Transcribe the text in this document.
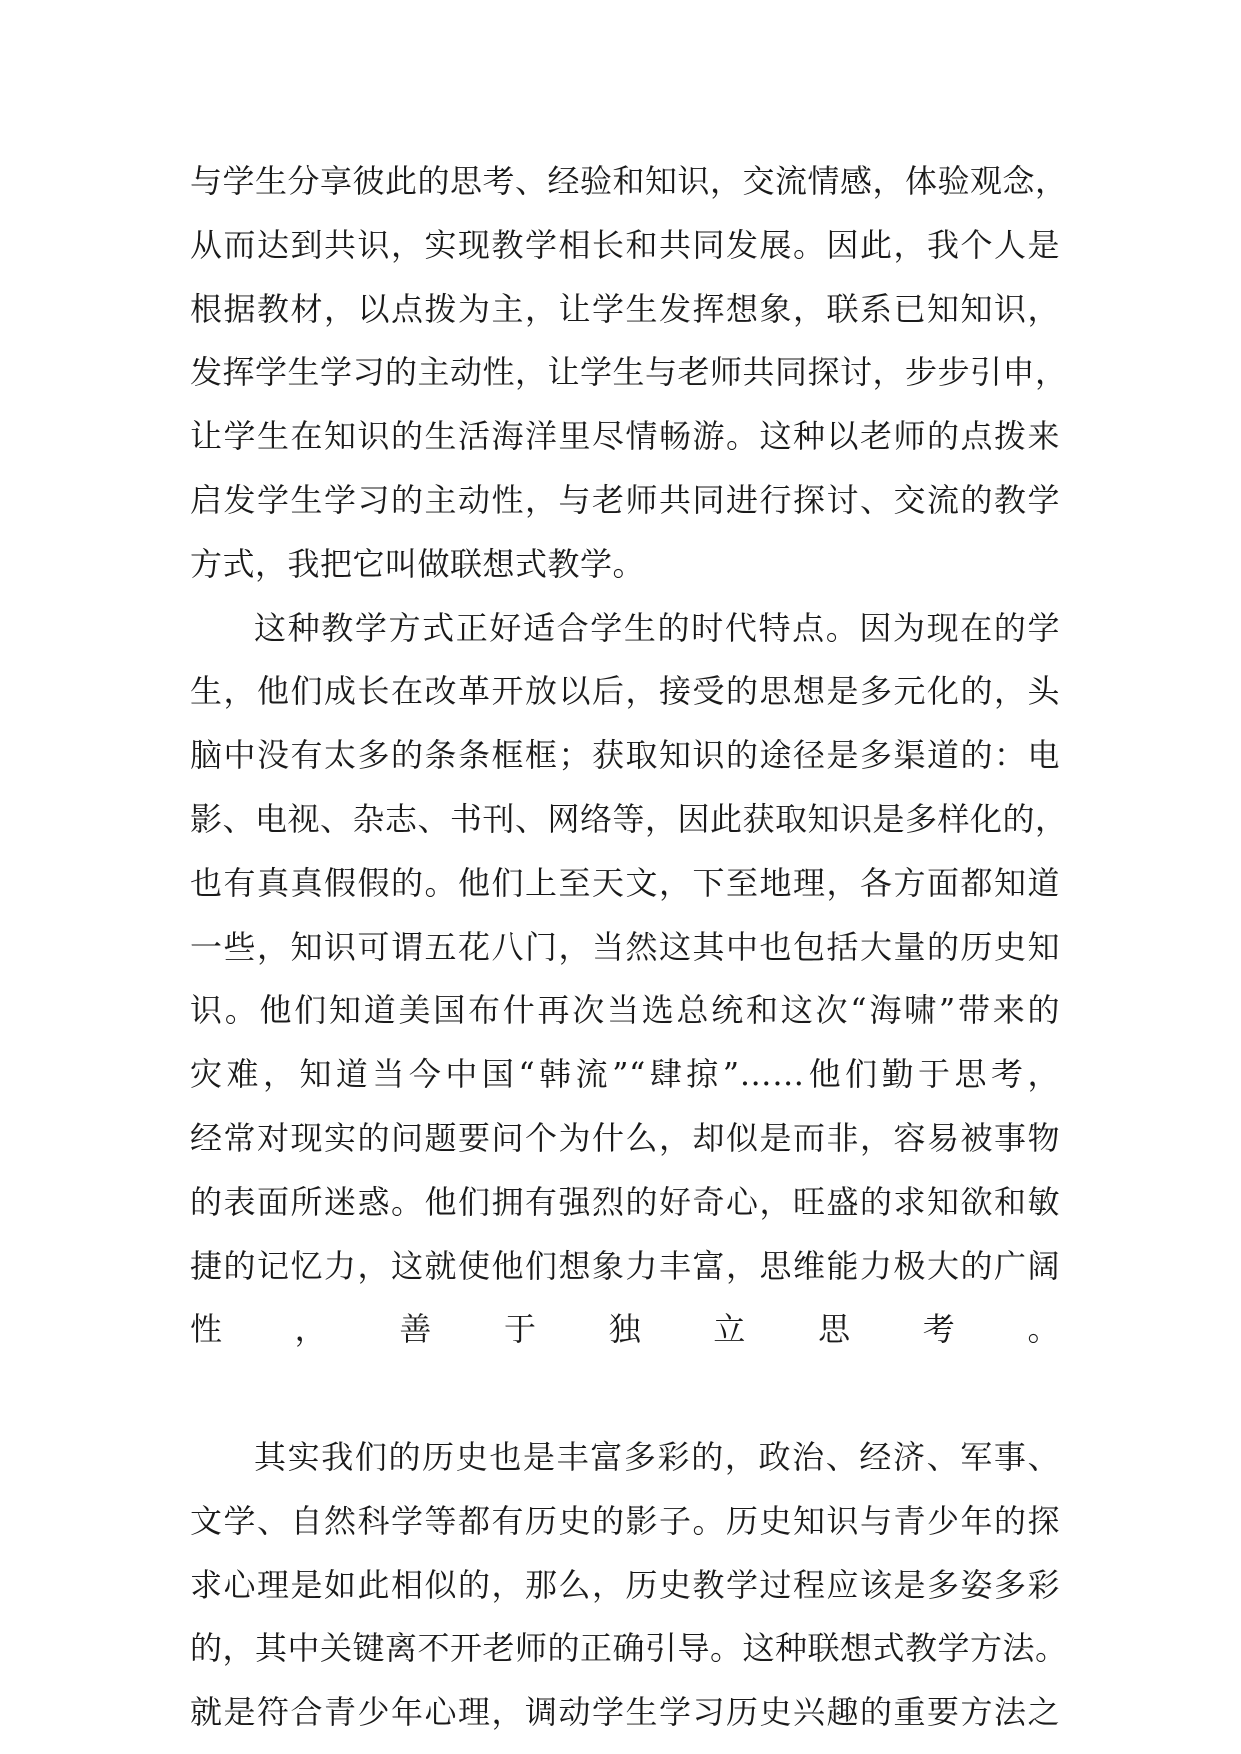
与学生分享彼此的思考、经验和知识，交流情感，体验观念，
从而达到共识，实现教学相长和共同发展。因此，我个人是
根据教材，以点拨为主，让学生发挥想象，联系已知知识，
发挥学生学习的主动性，让学生与老师共同探讨，步步引申，
让学生在知识的生活海洋里尽情畅游。这种以老师的点拨来
启发学生学习的主动性，与老师共同进行探讨、交流的教学
方式，我把它叫做联想式教学。
这种教学方式正好适合学生的时代特点。因为现在的学
生，他们成长在改革开放以后，接受的思想是多元化的，头
脑中没有太多的条条框框；获取知识的途径是多渠道的：电
影、电视、杂志、书刊、网络等，因此获取知识是多样化的，
也有真真假假的。他们上至天文，下至地理，各方面都知道
一些，知识可谓五花八门，当然这其中也包括大量的历史知
识。他们知道美国布什再次当选总统和这次“海啸”带来的
灾难，知道当今中国“韩流”“肆掠”……他们勤于思考，
经常对现实的问题要问个为什么，却似是而非，容易被事物
的表面所迷惑。他们拥有强烈的好奇心，旺盛的求知欲和敏
捷的记忆力，这就使他们想象力丰富，思维能力极大的广阔
性，善于独立思考。
其实我们的历史也是丰富多彩的，政治、经济、军事、
文学、自然科学等都有历史的影子。历史知识与青少年的探
求心理是如此相似的，那么，历史教学过程应该是多姿多彩
的，其中关键离不开老师的正确引导。这种联想式教学方法。
就是符合青少年心理，调动学生学习历史兴趣的重要方法之
